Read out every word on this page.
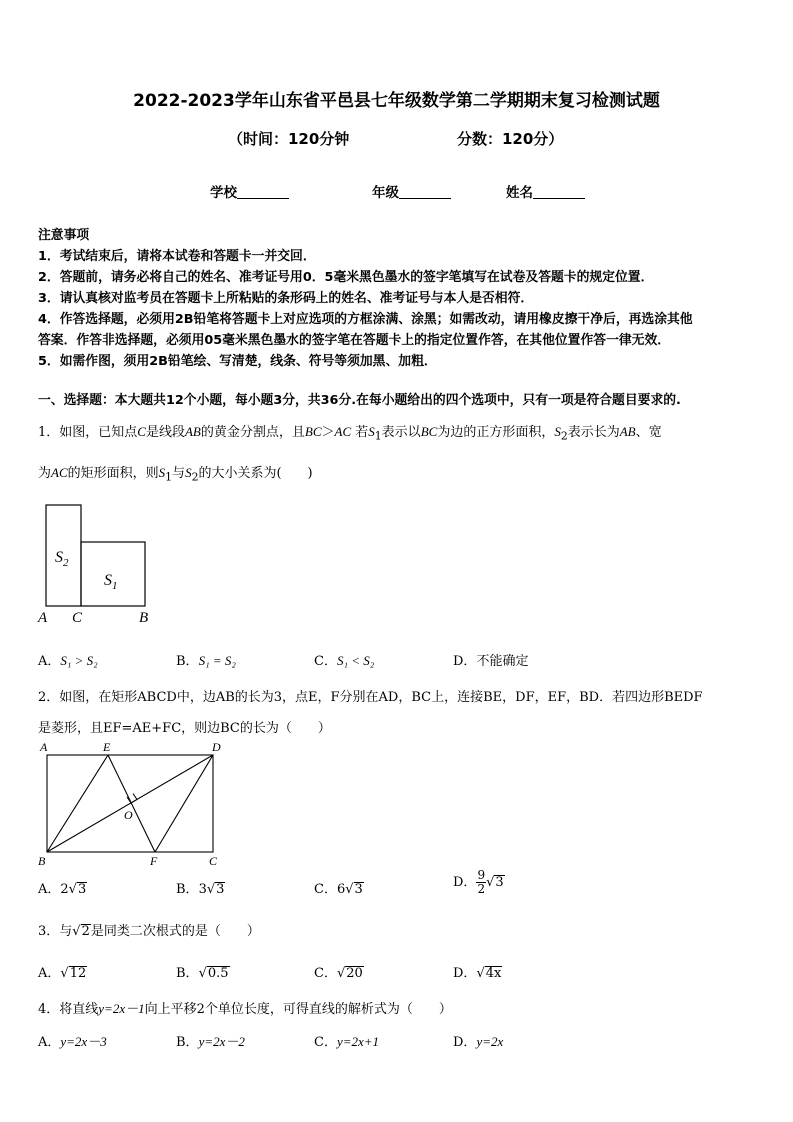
2022-2023学年山东省平邑县七年级数学第二学期期末复习检测试题
（时间：120分钟	分数：120分）
学校	年级	姓名
注意事项
1．考试结束后，请将本试卷和答题卡一并交回．
2．答题前，请务必将自己的姓名、准考证号用0．5毫米黑色墨水的签字笔填写在试卷及答题卡的规定位置．
3．请认真核对监考员在答题卡上所粘贴的条形码上的姓名、准考证号与本人是否相符．
4．作答选择题，必须用2B铅笔将答题卡上对应选项的方框涂满、涂黑；如需改动，请用橡皮擦干净后，再选涂其他
答案．作答非选择题，必须用05毫米黑色墨水的签字笔在答题卡上的指定位置作答，在其他位置作答一律无效．
5．如需作图，须用2B铅笔绘、写清楚，线条、符号等须加黑、加粗．
一、选择题：本大题共12个小题，每小题3分，共36分.在每小题给出的四个选项中，只有一项是符合题目要求的.
1．如图，已知点C是线段AB的黄金分割点，且BC＞AC 若$S_1$表示以BC为边的正方形面积，$S_2$表示长为AB、宽
为AC的矩形面积，则$S_1$与$S_2$的大小关系为(　　)
$S_2$
$S_1$
A C	B
A	E	D
O
B	F	C
A．S₁ > S₂	B．S₁ = S₂	C．S₁ < S₂	D．不能确定
2．如图，在矩形ABCD中，边AB的长为3，点E，F分别在AD，BC上，连接BE，DF，EF，BD．若四边形BEDF
是菱形，且EF=AE+FC，则边BC的长为（　　）
A．2√3	B．3√3	C．6√3	D． $\frac{9}{2} √3$
3．与√2是同类二次根式的是（　　）
A．√12	B．√0.5	C．√20	D．√4x
4．将直线y=2x－1向上平移2个单位长度，可得直线的解析式为（　　）
A．y=2x－3	B．y=2x－2	C．y=2x+1	D．y=2x
